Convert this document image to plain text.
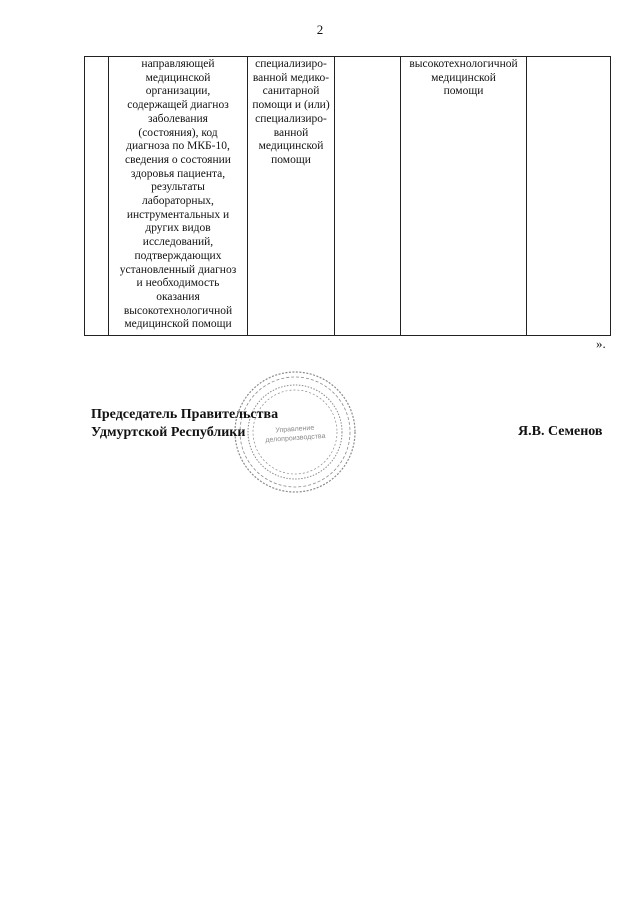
2
	направляющей
медицинской
организации,
содержащей диагноз
заболевания
(состояния), код
диагноза по МКБ-10,
сведения о состоянии
здоровья пациента,
результаты
лабораторных,
инструментальных и
других видов
исследований,
подтверждающих
установленный диагноз
и необходимость
оказания
высокотехнологичной
медицинской помощи	специализиро-
ванной медико-
санитарной
помощи и (или)
специализиро-
ванной
медицинской
помощи		высокотехнологичной
медицинской
помощи	
».
Управление
делопроизводства
Председатель Правительства
Удмуртской Республики	Я.В. Семенов
